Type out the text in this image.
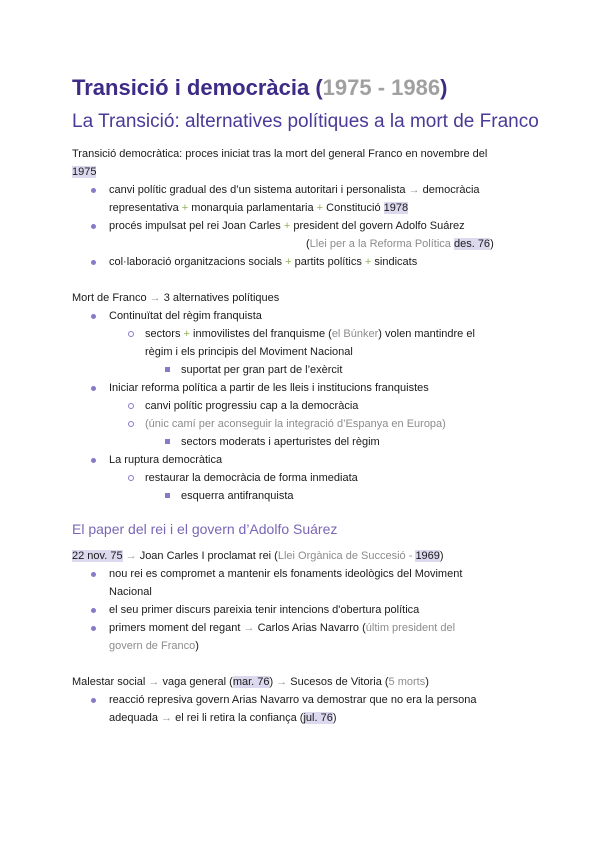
Transició i democràcia (1975 - 1986)
La Transició: alternatives polítiques a la mort de Franco

Transició democràtica: proces iniciat tras la mort del general Franco en novembre del
1975

canvi polític gradual des d’un sistema autoritari i personalista → democràcia
representativa + monarquia parlamentaria + Constitució 1978
procés impulsat pel rei Joan Carles + president del govern Adolfo Suárez
(Llei per a la Reforma Política des. 76)
col·laboració organitzacions socials + partits polítics + sindicats

Mort de Franco → 3 alternatives polítiques

Continuïtat del règim franquista
sectors + inmovilistes del franquisme (el Búnker) volen mantindre el
règim i els principis del Moviment Nacional
suportat per gran part de l’exèrcit
Iniciar reforma política a partir de les lleis i institucions franquistes
canvi polític progressiu cap a la democràcia
(únic camí per aconseguir la integració d’Espanya en Europa)
sectors moderats i aperturistes del règim
La ruptura democràtica
restaurar la democràcia de forma inmediata
esquerra antifranquista
El paper del rei i el govern d’Adolfo Suárez

22 nov. 75 → Joan Carles I proclamat rei (Llei Orgànica de Succesió - 1969)

nou rei es compromet a mantenir els fonaments ideològics del Moviment
Nacional
el seu primer discurs pareixia tenir intencions d'obertura política
primers moment del regant → Carlos Arias Navarro (últim president del
govern de Franco)

Malestar social → vaga general (mar. 76) → Sucesos de Vitoria (5 morts)

reacció represiva govern Arias Navarro va demostrar que no era la persona
adequada → el rei li retira la confiança (jul. 76)
